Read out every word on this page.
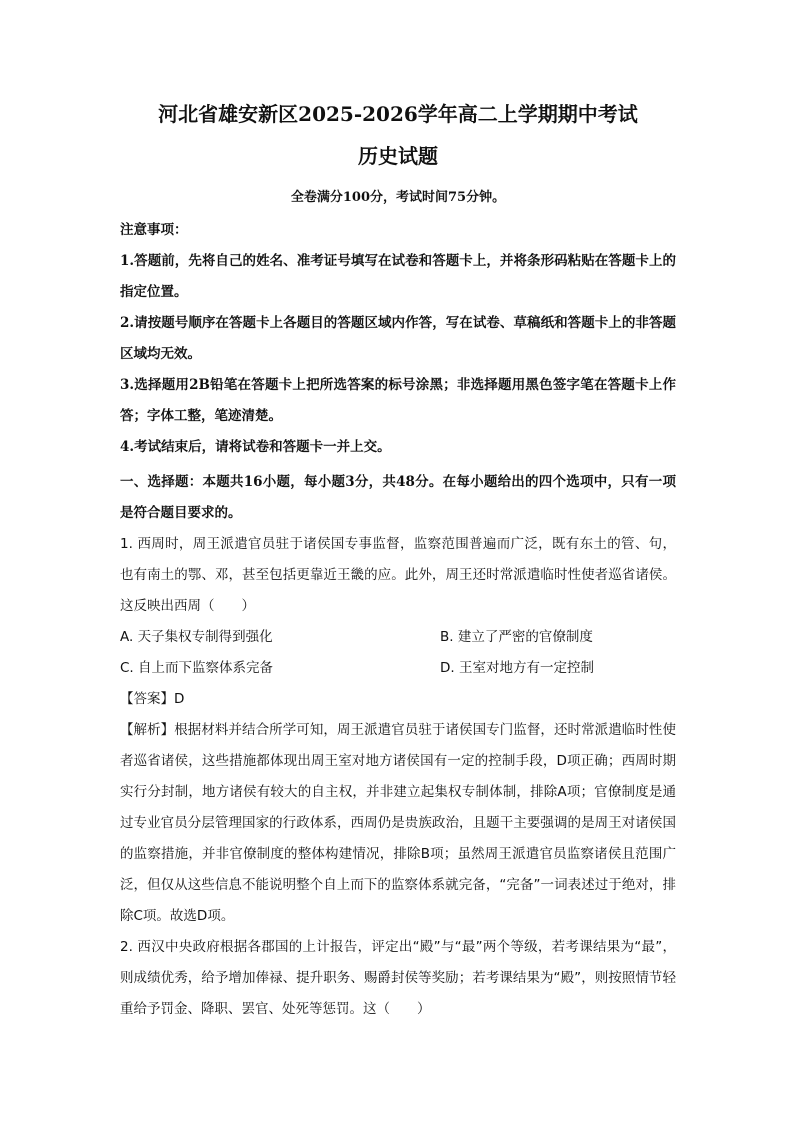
河北省雄安新区2025-2026学年高二上学期期中考试
历史试题
全卷满分100分，考试时间75分钟。

注意事项：

1.答题前，先将自己的姓名、准考证号填写在试卷和答题卡上，并将条形码粘贴在答题卡上的指定位置。

2.请按题号顺序在答题卡上各题目的答题区域内作答，写在试卷、草稿纸和答题卡上的非答题区域均无效。

3.选择题用2B铅笔在答题卡上把所选答案的标号涂黑；非选择题用黑色签字笔在答题卡上作答；字体工整，笔迹清楚。

4.考试结束后，请将试卷和答题卡一并上交。

一、选择题：本题共16小题，每小题3分，共48分。在每小题给出的四个选项中，只有一项是符合题目要求的。

1. 西周时，周王派遣官员驻于诸侯国专事监督，监察范围普遍而广泛，既有东土的管、句，也有南土的鄂、邓，甚至包括更靠近王畿的应。此外，周王还时常派遣临时性使者巡省诸侯。这反映出西周（　　）

A. 天子集权专制得到强化	B. 建立了严密的官僚制度
C. 自上而下监察体系完备	D. 王室对地方有一定控制

【答案】D

【解析】根据材料并结合所学可知，周王派遣官员驻于诸侯国专门监督，还时常派遣临时性使者巡省诸侯，这些措施都体现出周王室对地方诸侯国有一定的控制手段，D项正确；西周时期实行分封制，地方诸侯有较大的自主权，并非建立起集权专制体制，排除A项；官僚制度是通过专业官员分层管理国家的行政体系，西周仍是贵族政治，且题干主要强调的是周王对诸侯国的监察措施，并非官僚制度的整体构建情况，排除B项；虽然周王派遣官员监察诸侯且范围广泛，但仅从这些信息不能说明整个自上而下的监察体系就完备，“完备”一词表述过于绝对，排除C项。故选D项。

2. 西汉中央政府根据各郡国的上计报告，评定出“殿”与“最”两个等级，若考课结果为“最”，则成绩优秀，给予增加俸禄、提升职务、赐爵封侯等奖励；若考课结果为“殿”，则按照情节轻重给予罚金、降职、罢官、处死等惩罚。这（　　）
